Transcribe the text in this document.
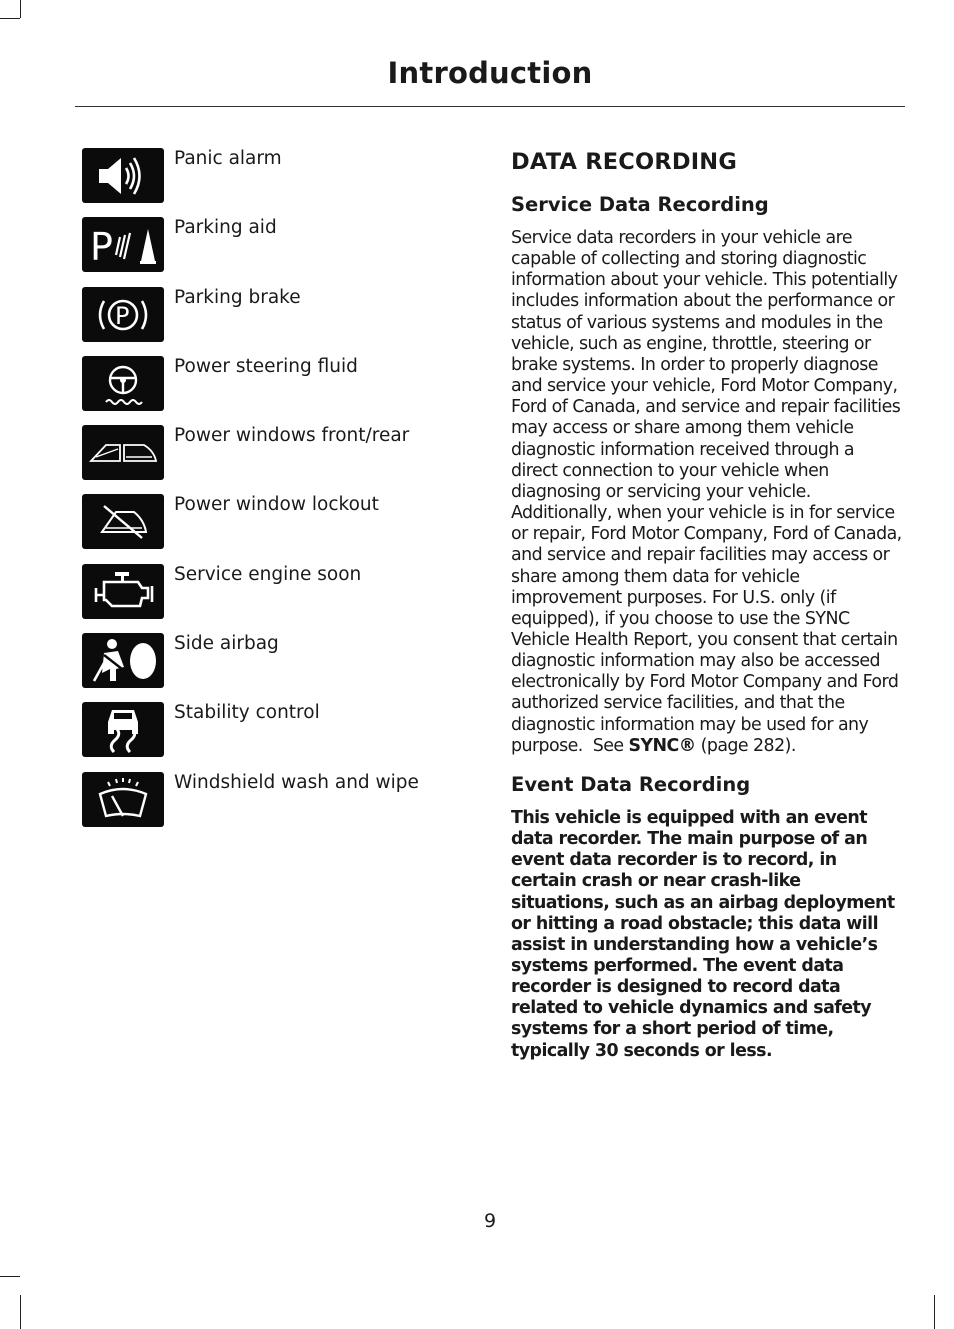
Introduction
Panic alarm
P	Parking aid
P
Parking brake
Power steering fluid
Power windows front/rear
Power window lockout
Service engine soon
Side airbag
Stability control
Windshield wash and wipe
DATA RECORDING
Service Data Recording

Service data recorders in your vehicle are capable of collecting and storing diagnostic information about your vehicle. This potentially includes information about the performance or status of various systems and modules in the vehicle, such as engine, throttle, steering or brake systems. In order to properly diagnose and service your vehicle, Ford Motor Company, Ford of Canada, and service and repair facilities may access or share among them vehicle diagnostic information received through a direct connection to your vehicle when diagnosing or servicing your vehicle. Additionally, when your vehicle is in for service or repair, Ford Motor Company, Ford of Canada, and service and repair facilities may access or share among them data for vehicle improvement purposes. For U.S. only (if equipped), if you choose to use the SYNC Vehicle Health Report, you consent that certain diagnostic information may also be accessed electronically by Ford Motor Company and Ford authorized service facilities, and that the diagnostic information may be used for any purpose. See SYNC® (page 282).

Event Data Recording

This vehicle is equipped with an event data recorder. The main purpose of an event data recorder is to record, in certain crash or near crash-like situations, such as an airbag deployment or hitting a road obstacle; this data will assist in understanding how a vehicle’s systems performed. The event data recorder is designed to record data related to vehicle dynamics and safety systems for a short period of time, typically 30 seconds or less.

9
